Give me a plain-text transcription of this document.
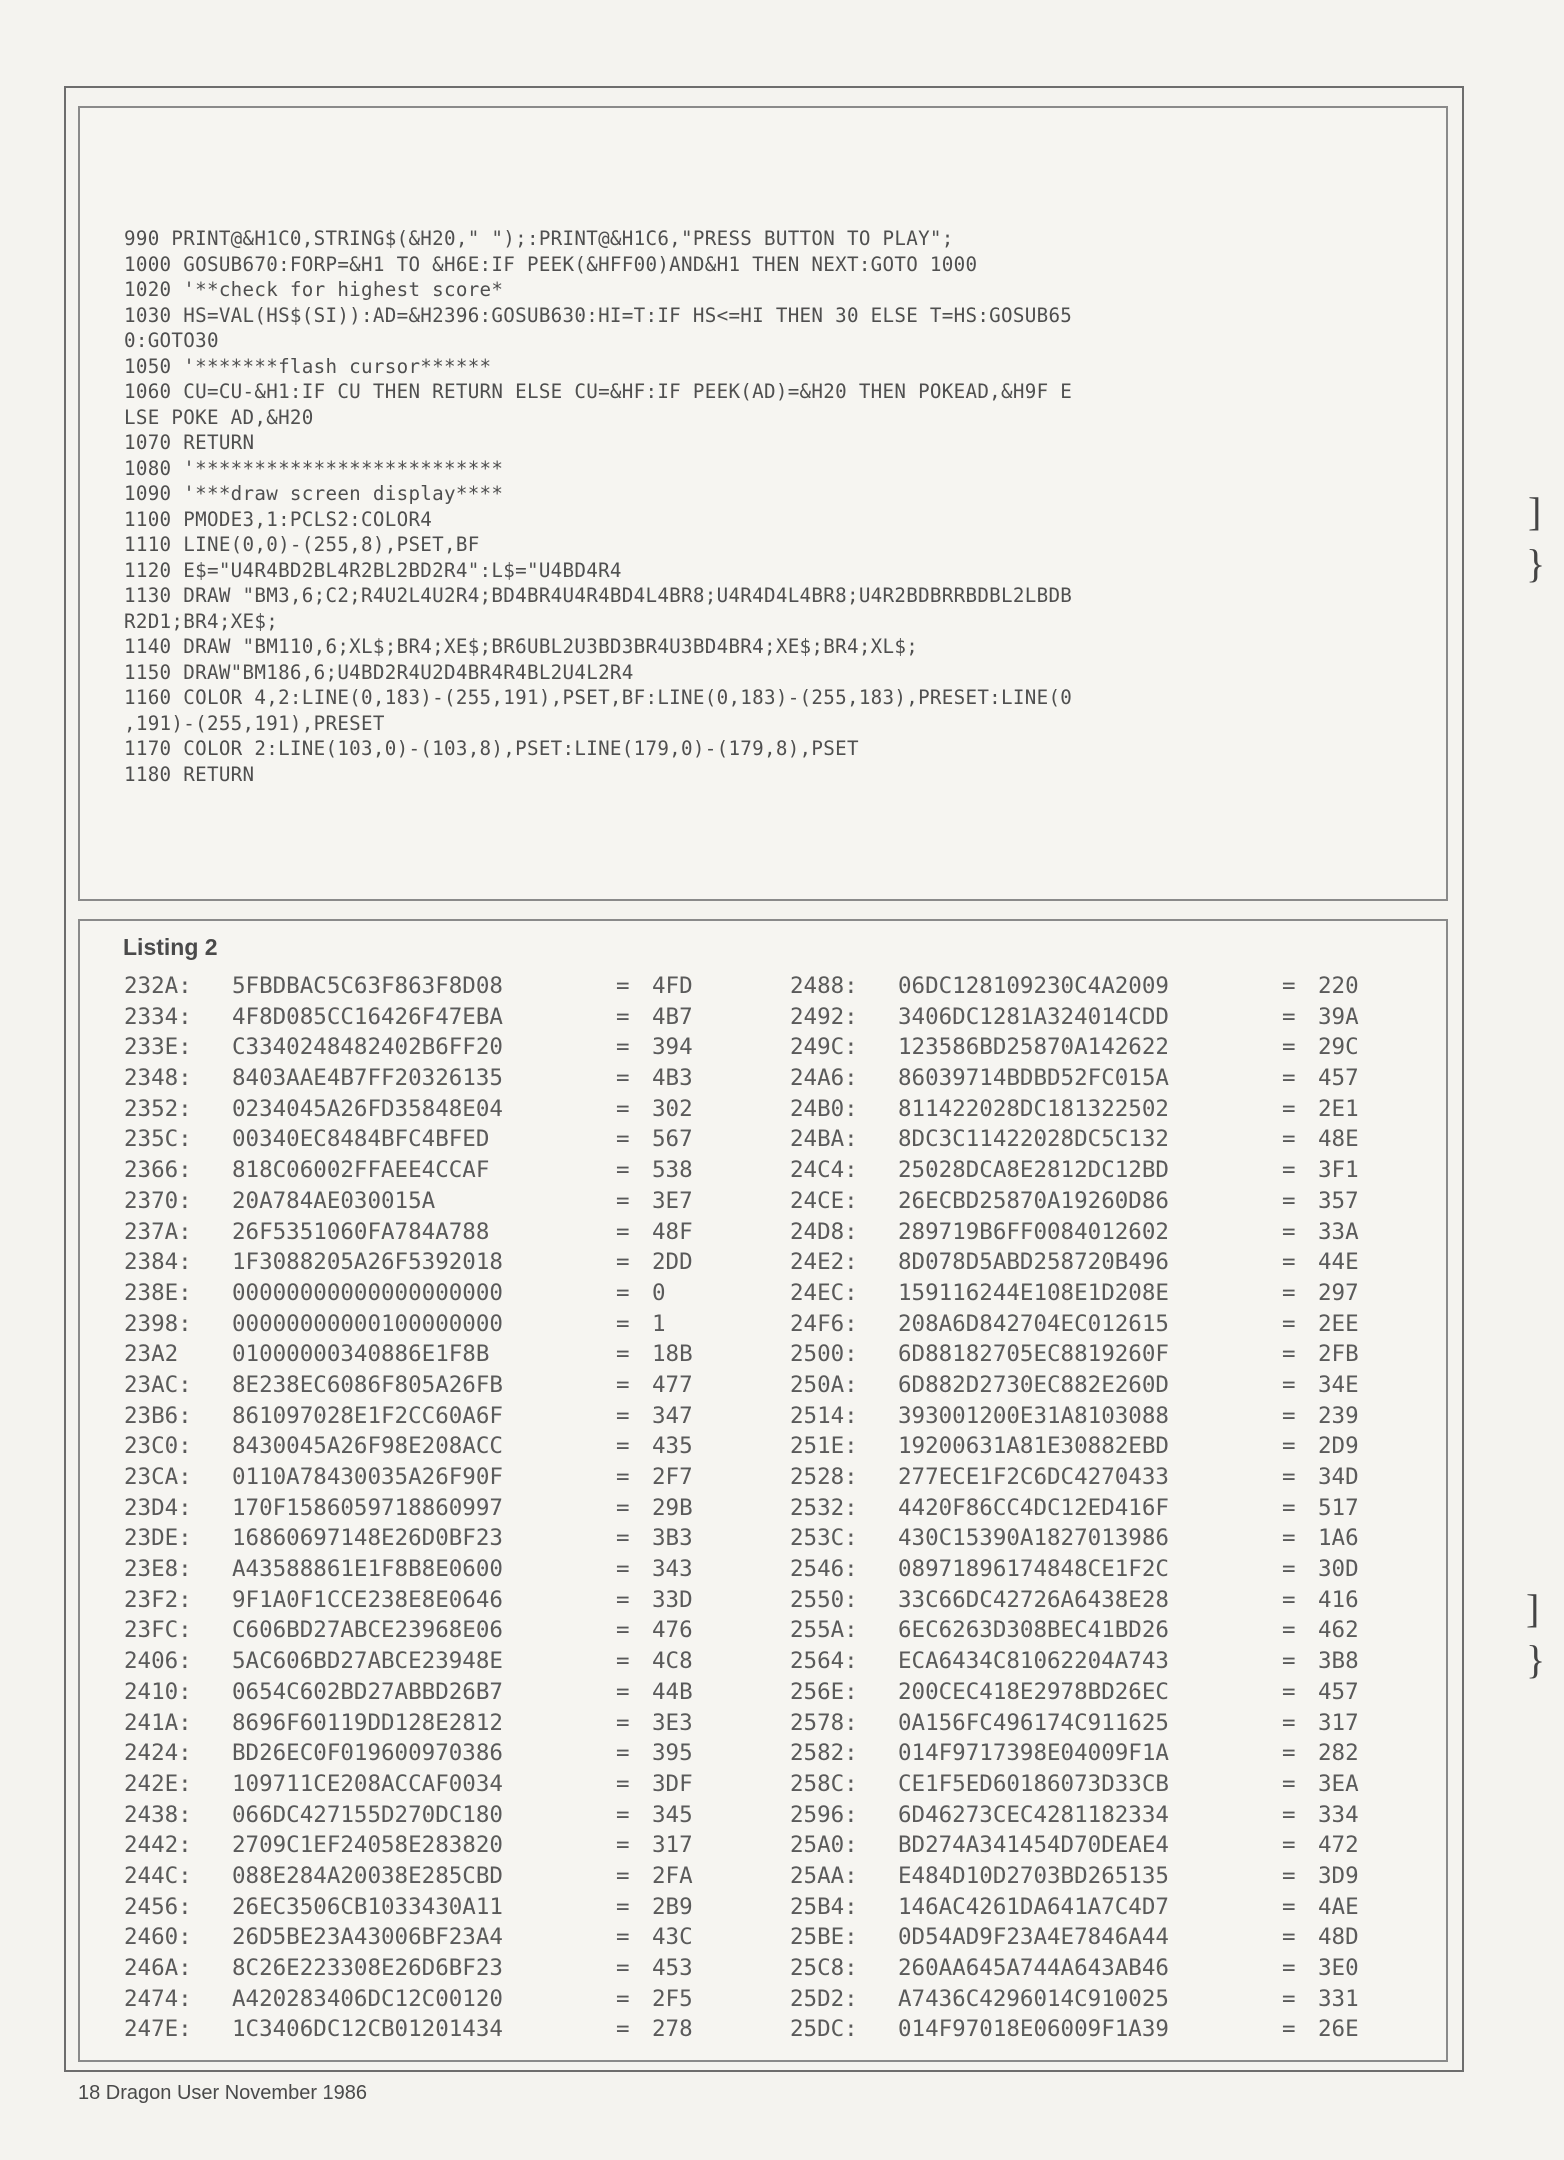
990 PRINT@&H1C0,STRING$(&H20," ");:PRINT@&H1C6,"PRESS BUTTON TO PLAY";
1000 GOSUB670:FORP=&H1 TO &H6E:IF PEEK(&HFF00)AND&H1 THEN NEXT:GOTO 1000
1020 '**check for highest score*
1030 HS=VAL(HS$(SI)):AD=&H2396:GOSUB630:HI=T:IF HS<=HI THEN 30 ELSE T=HS:GOSUB65
0:GOTO30
1050 '*******flash cursor******
1060 CU=CU-&H1:IF CU THEN RETURN ELSE CU=&HF:IF PEEK(AD)=&H20 THEN POKEAD,&H9F E
LSE POKE AD,&H20
1070 RETURN
1080 '**************************
1090 '***draw screen display****
1100 PMODE3,1:PCLS2:COLOR4
1110 LINE(0,0)-(255,8),PSET,BF
1120 E$="U4R4BD2BL4R2BL2BD2R4":L$="U4BD4R4
1130 DRAW "BM3,6;C2;R4U2L4U2R4;BD4BR4U4R4BD4L4BR8;U4R4D4L4BR8;U4R2BDBRRBDBL2LBDB
R2D1;BR4;XE$;
1140 DRAW "BM110,6;XL$;BR4;XE$;BR6UBL2U3BD3BR4U3BD4BR4;XE$;BR4;XL$;
1150 DRAW"BM186,6;U4BD2R4U2D4BR4R4BL2U4L2R4
1160 COLOR 4,2:LINE(0,183)-(255,191),PSET,BF:LINE(0,183)-(255,183),PRESET:LINE(0
,191)-(255,191),PRESET
1170 COLOR 2:LINE(103,0)-(103,8),PSET:LINE(179,0)-(179,8),PSET
1180 RETURN
Listing 2
232A: 5FBDBAC5C63F863F8D08	= 4FD
2334: 4F8D085CC16426F47EBA	= 4B7
233E: C3340248482402B6FF20	= 394
2348: 8403AAE4B7FF20326135	= 4B3
2352: 0234045A26FD35848E04	= 302
235C: 00340EC8484BFC4BFED	= 567
2366: 818C06002FFAEE4CCAF	= 538
2370: 20A784AE030015A	= 3E7
237A: 26F5351060FA784A788	= 48F
2384: 1F3088205A26F5392018	= 2DD
238E: 00000000000000000000	= 0
2398: 00000000000100000000	= 1
23A2 01000000340886E1F8B	= 18B
23AC: 8E238EC6086F805A26FB	= 477
23B6: 861097028E1F2CC60A6F	= 347
23C0: 8430045A26F98E208ACC	= 435
23CA: 0110A78430035A26F90F	= 2F7
23D4: 170F1586059718860997	= 29B
23DE: 16860697148E26D0BF23	= 3B3
23E8: A43588861E1F8B8E0600	= 343
23F2: 9F1A0F1CCE238E8E0646	= 33D
23FC: C606BD27ABCE23968E06	= 476
2406: 5AC606BD27ABCE23948E	= 4C8
2410: 0654C602BD27ABBD26B7	= 44B
241A: 8696F60119DD128E2812	= 3E3
2424: BD26EC0F019600970386	= 395
242E: 109711CE208ACCAF0034	= 3DF
2438: 066DC427155D270DC180	= 345
2442: 2709C1EF24058E283820	= 317
244C: 088E284A20038E285CBD	= 2FA
2456: 26EC3506CB1033430A11	= 2B9
2460: 26D5BE23A43006BF23A4	= 43C
246A: 8C26E223308E26D6BF23	= 453
2474: A420283406DC12C00120	= 2F5
247E: 1C3406DC12CB01201434	= 278
2488: 06DC128109230C4A2009	= 220
2492: 3406DC1281A324014CDD	= 39A
249C: 123586BD25870A142622	= 29C
24A6: 86039714BDBD52FC015A	= 457
24B0: 811422028DC181322502	= 2E1
24BA: 8DC3C11422028DC5C132	= 48E
24C4: 25028DCA8E2812DC12BD	= 3F1
24CE: 26ECBD25870A19260D86	= 357
24D8: 289719B6FF0084012602	= 33A
24E2: 8D078D5ABD258720B496	= 44E
24EC: 159116244E108E1D208E	= 297
24F6: 208A6D842704EC012615	= 2EE
2500: 6D88182705EC8819260F	= 2FB
250A: 6D882D2730EC882E260D	= 34E
2514: 393001200E31A8103088	= 239
251E: 19200631A81E30882EBD	= 2D9
2528: 277ECE1F2C6DC4270433	= 34D
2532: 4420F86CC4DC12ED416F	= 517
253C: 430C15390A1827013986	= 1A6
2546: 08971896174848CE1F2C	= 30D
2550: 33C66DC42726A6438E28	= 416
255A: 6EC6263D308BEC41BD26	= 462
2564: ECA6434C81062204A743	= 3B8
256E: 200CEC418E2978BD26EC	= 457
2578: 0A156FC496174C911625	= 317
2582: 014F9717398E04009F1A	= 282
258C: CE1F5ED60186073D33CB	= 3EA
2596: 6D46273CEC4281182334	= 334
25A0: BD274A341454D70DEAE4	= 472
25AA: E484D10D2703BD265135	= 3D9
25B4: 146AC4261DA641A7C4D7	= 4AE
25BE: 0D54AD9F23A4E7846A44	= 48D
25C8: 260AA645A744A643AB46	= 3E0
25D2: A7436C4296014C910025	= 331
25DC: 014F97018E06009F1A39	= 26E
]
}
]
}
18 Dragon User November 1986
